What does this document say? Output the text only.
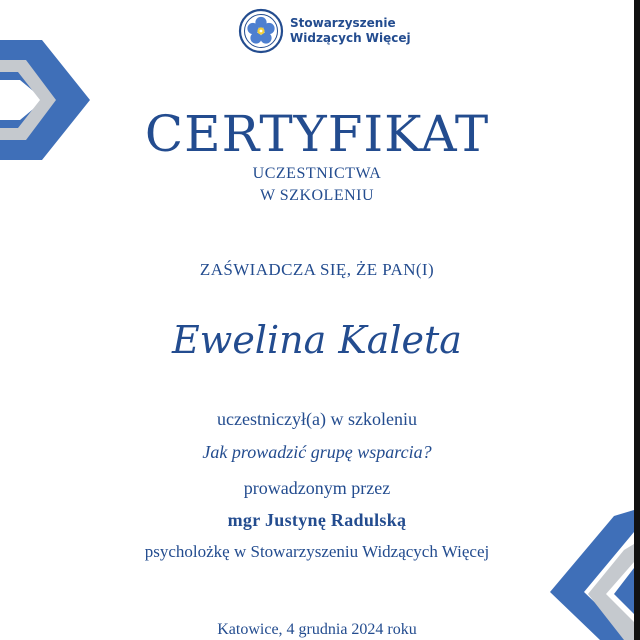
Stowarzyszenie
Widzących Więcej
CERTYFIKAT
UCZESTNICTWA
W SZKOLENIU
ZAŚWIADCZA SIĘ, ŻE PAN(I)
Ewelina Kaleta
uczestniczył(a) w szkoleniu
Jak prowadzić grupę wsparcia?
prowadzonym przez
mgr Justynę Radulską
psycholożkę w Stowarzyszeniu Widzących Więcej
Katowice, 4 grudnia 2024 roku
